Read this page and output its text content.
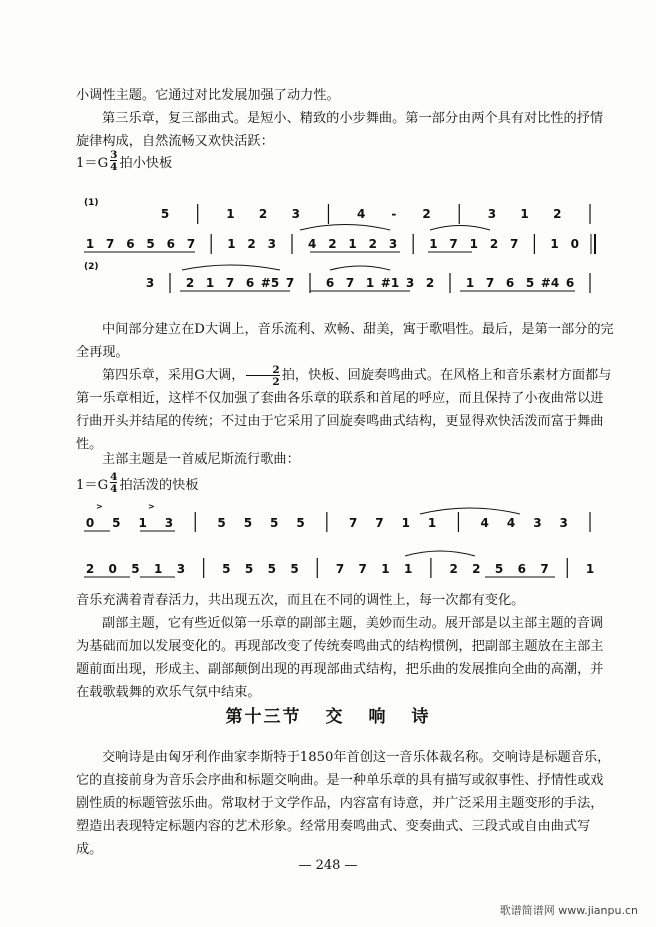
小调性主题。它通过对比发展加强了动力性。

第三乐章，复三部曲式。是短小、精致的小步舞曲。第一部分由两个具有对比性的抒情旋律构成，自然流畅又欢快活跃：

$1=G \frac{3}{4}$ 拍小快板
(1)
(2)
5	1 2 3	4 - 2	3 1 2
1 7 6 5 6 7	1 2 3	4 2 1 2 3	1 7 1 2 7	1 0
3	2 1 7 6 #5 7	6 7 1 #1 3 2	1 7 6 5 #4 6

中间部分建立在D大调上，音乐流利、欢畅、甜美，寓于歌唱性。最后，是第一部分的完全再现。

第四乐章，采用G大调， $\frac{2}{2}$ 拍，快板、回旋奏鸣曲式。在风格上和音乐素材方面都与第一乐章相近，这样不仅加强了套曲各乐章的联系和首尾的呼应，而且保持了小夜曲常以进行曲开头并结尾的传统；不过由于它采用了回旋奏鸣曲式结构，更显得欢快活泼而富于舞曲性。

主部主题是一首威尼斯流行歌曲：

$1=G \frac{4}{4}$ 拍活泼的快板
0 5 1 3	5 5 5 5	7 7 1 1	4 4 3 3
2 0 5 1 3	5 5 5 5	7 7 1 1	2 2 5 6 7	1
>	>

音乐充满着青春活力，共出现五次，而且在不同的调性上，每一次都有变化。

副部主题，它有些近似第一乐章的副部主题，美妙而生动。展开部是以主部主题的音调为基础而加以发展变化的。再现部改变了传统奏鸣曲式的结构惯例，把副部主题放在主部主题前面出现，形成主、副部颠倒出现的再现部曲式结构，把乐曲的发展推向全曲的高潮，并在载歌载舞的欢乐气氛中结束。

第十三节 交 响 诗

交响诗是由匈牙利作曲家李斯特于1850年首创这一音乐体裁名称。交响诗是标题音乐，它的直接前身为音乐会序曲和标题交响曲。是一种单乐章的具有描写或叙事性、抒情性或戏剧性质的标题管弦乐曲。常取材于文学作品，内容富有诗意，并广泛采用主题变形的手法，塑造出表现特定标题内容的艺术形象。经常用奏鸣曲式、变奏曲式、三段式或自由曲式写成。

— 248 —
歌谱简谱网 www.jianpu.cn
